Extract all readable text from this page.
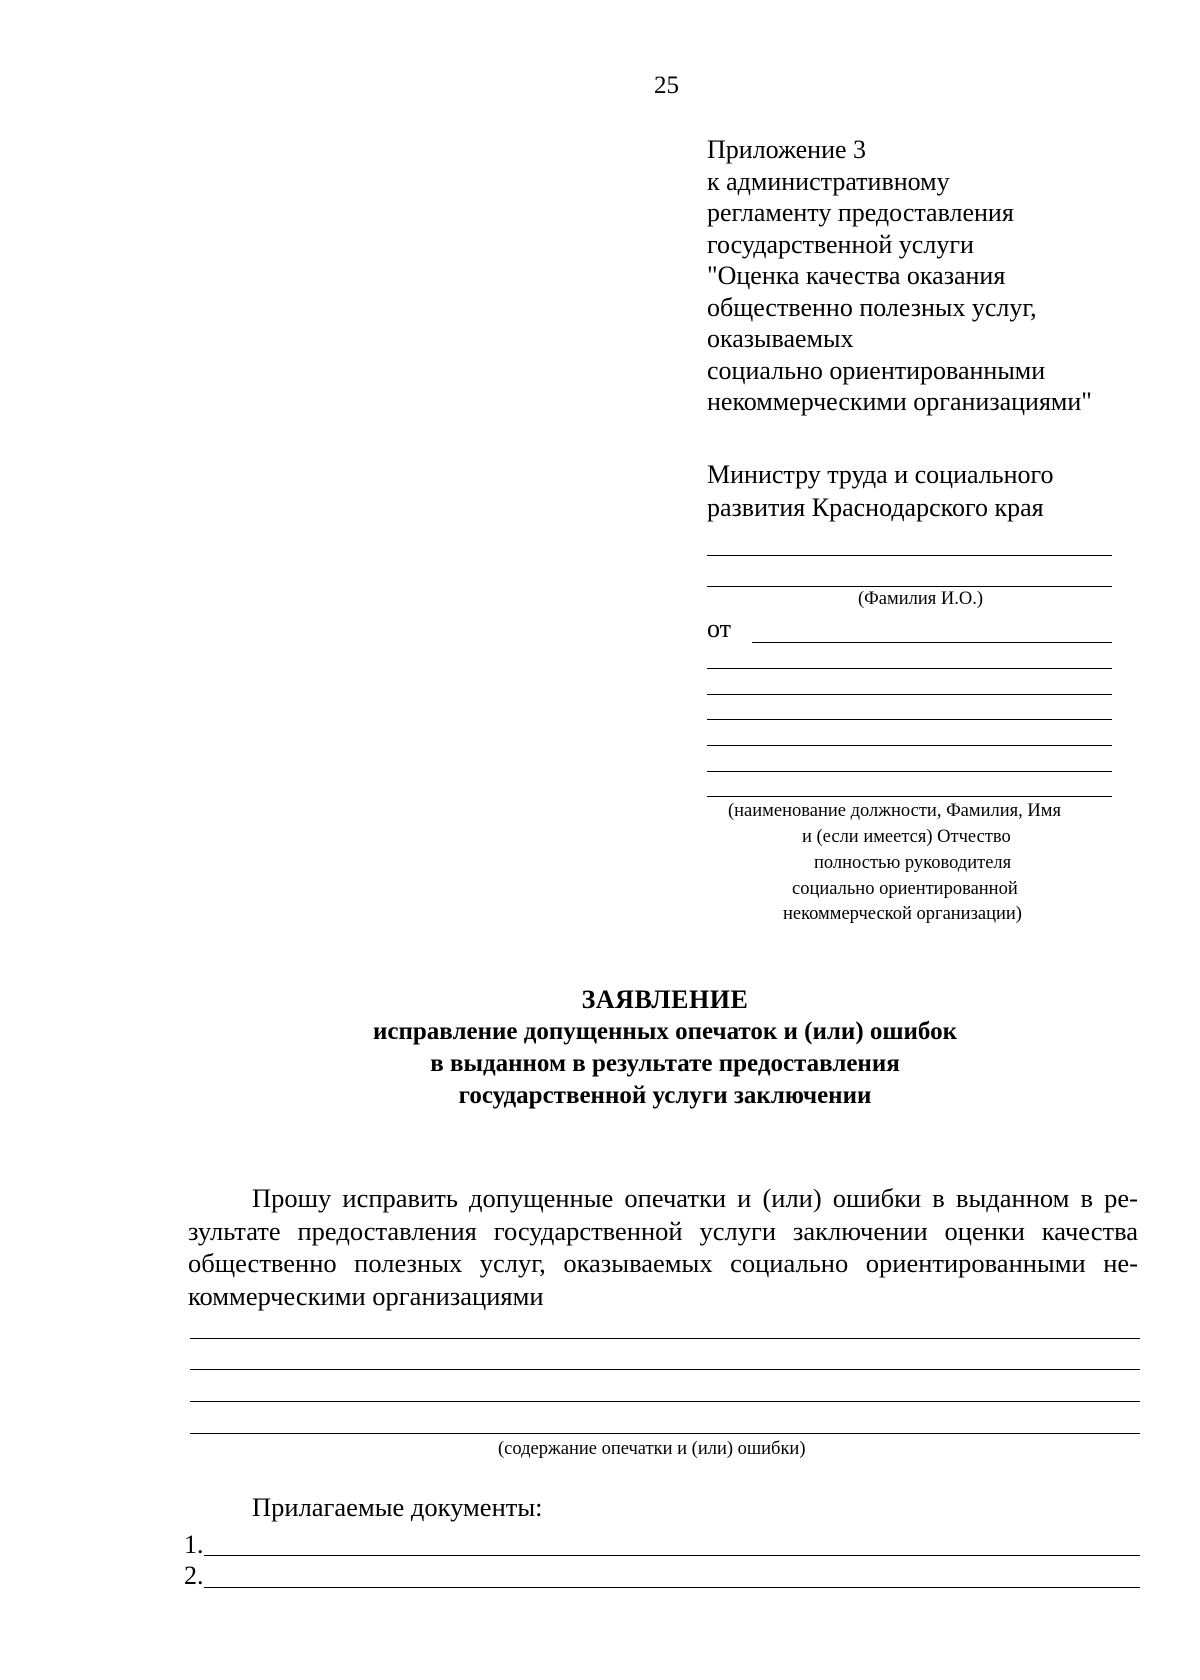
25
Приложение 3
к административному
регламенту предоставления
государственной услуги
"Оценка качества оказания
общественно полезных услуг,
оказываемых
социально ориентированными
некоммерческими организациями"
Министру труда и социального
развития Краснодарского края
(Фамилия И.О.)
от
(наименование должности, Фамилия, Имя
и (если имеется) Отчество
полностью руководителя
социально ориентированной
некоммерческой организации)
ЗАЯВЛЕНИЕ
исправление допущенных опечаток и (или) ошибок
в выданном в результате предоставления
государственной услуги заключении
Прошу исправить допущенные опечатки и (или) ошибки в выданном в ре-
зультате предоставления государственной услуги заключении оценки качества
общественно полезных услуг, оказываемых социально ориентированными не-
коммерческими организациями
(содержание опечатки и (или) ошибки)
Прилагаемые документы:
1.
2.
